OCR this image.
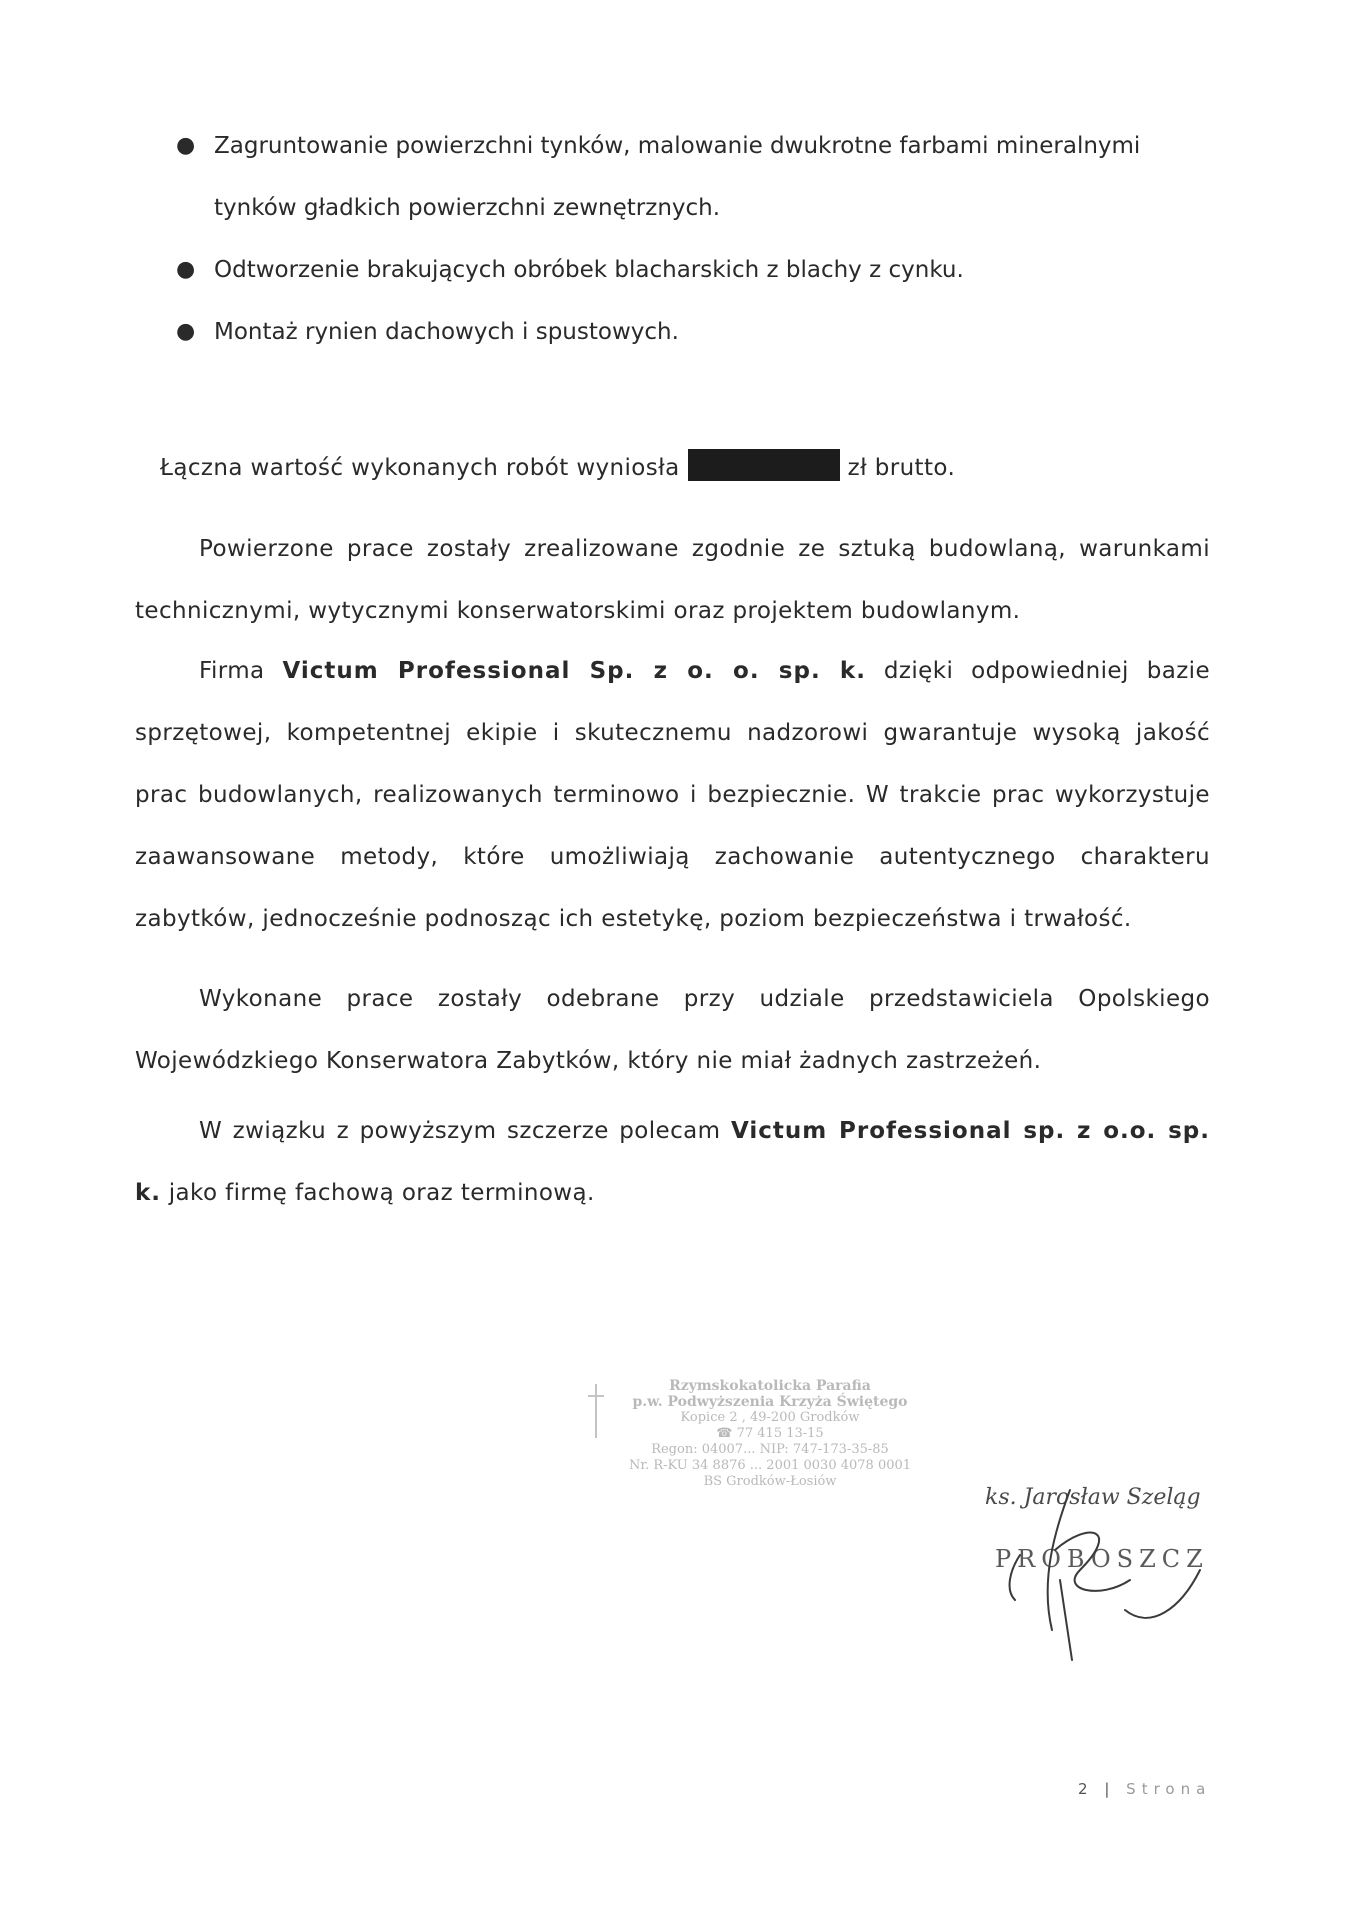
● Zagruntowanie powierzchni tynków, malowanie dwukrotne farbami mineralnymi tynków gładkich powierzchni zewnętrznych.
● Odtworzenie brakujących obróbek blacharskich z blachy z cynku.
● Montaż rynien dachowych i spustowych.

Łączna wartość wykonanych robót wyniosła	zł brutto.

Powierzone prace zostały zrealizowane zgodnie ze sztuką budowlaną, warunkami technicznymi, wytycznymi konserwatorskimi oraz projektem budowlanym.

Firma Victum Professional Sp. z o. o. sp. k. dzięki odpowiedniej bazie sprzętowej, kompetentnej ekipie i skutecznemu nadzorowi gwarantuje wysoką jakość prac budowlanych, realizowanych terminowo i bezpiecznie. W trakcie prac wykorzystuje zaawansowane metody, które umożliwiają zachowanie autentycznego charakteru zabytków, jednocześnie podnosząc ich estetykę, poziom bezpieczeństwa i trwałość.

Wykonane prace zostały odebrane przy udziale przedstawiciela Opolskiego Wojewódzkiego Konserwatora Zabytków, który nie miał żadnych zastrzeżeń.

W związku z powyższym szczerze polecam Victum Professional sp. z o.o. sp. k. jako firmę fachową oraz terminową.

Rzymskokatolicka Parafia
p.w. Podwyższenia Krzyża Świętego
Kopice 2 , 49-200 Grodków
☎ 77 415 13-15
Regon: 04007... NIP: 747-173-35-85
Nr. R-KU 34 8876 ... 2001 0030 4078 0001
BS Grodków-Łosiów
ks. Jarosław Szeląg
PROBOSZCZ
2 | Strona
